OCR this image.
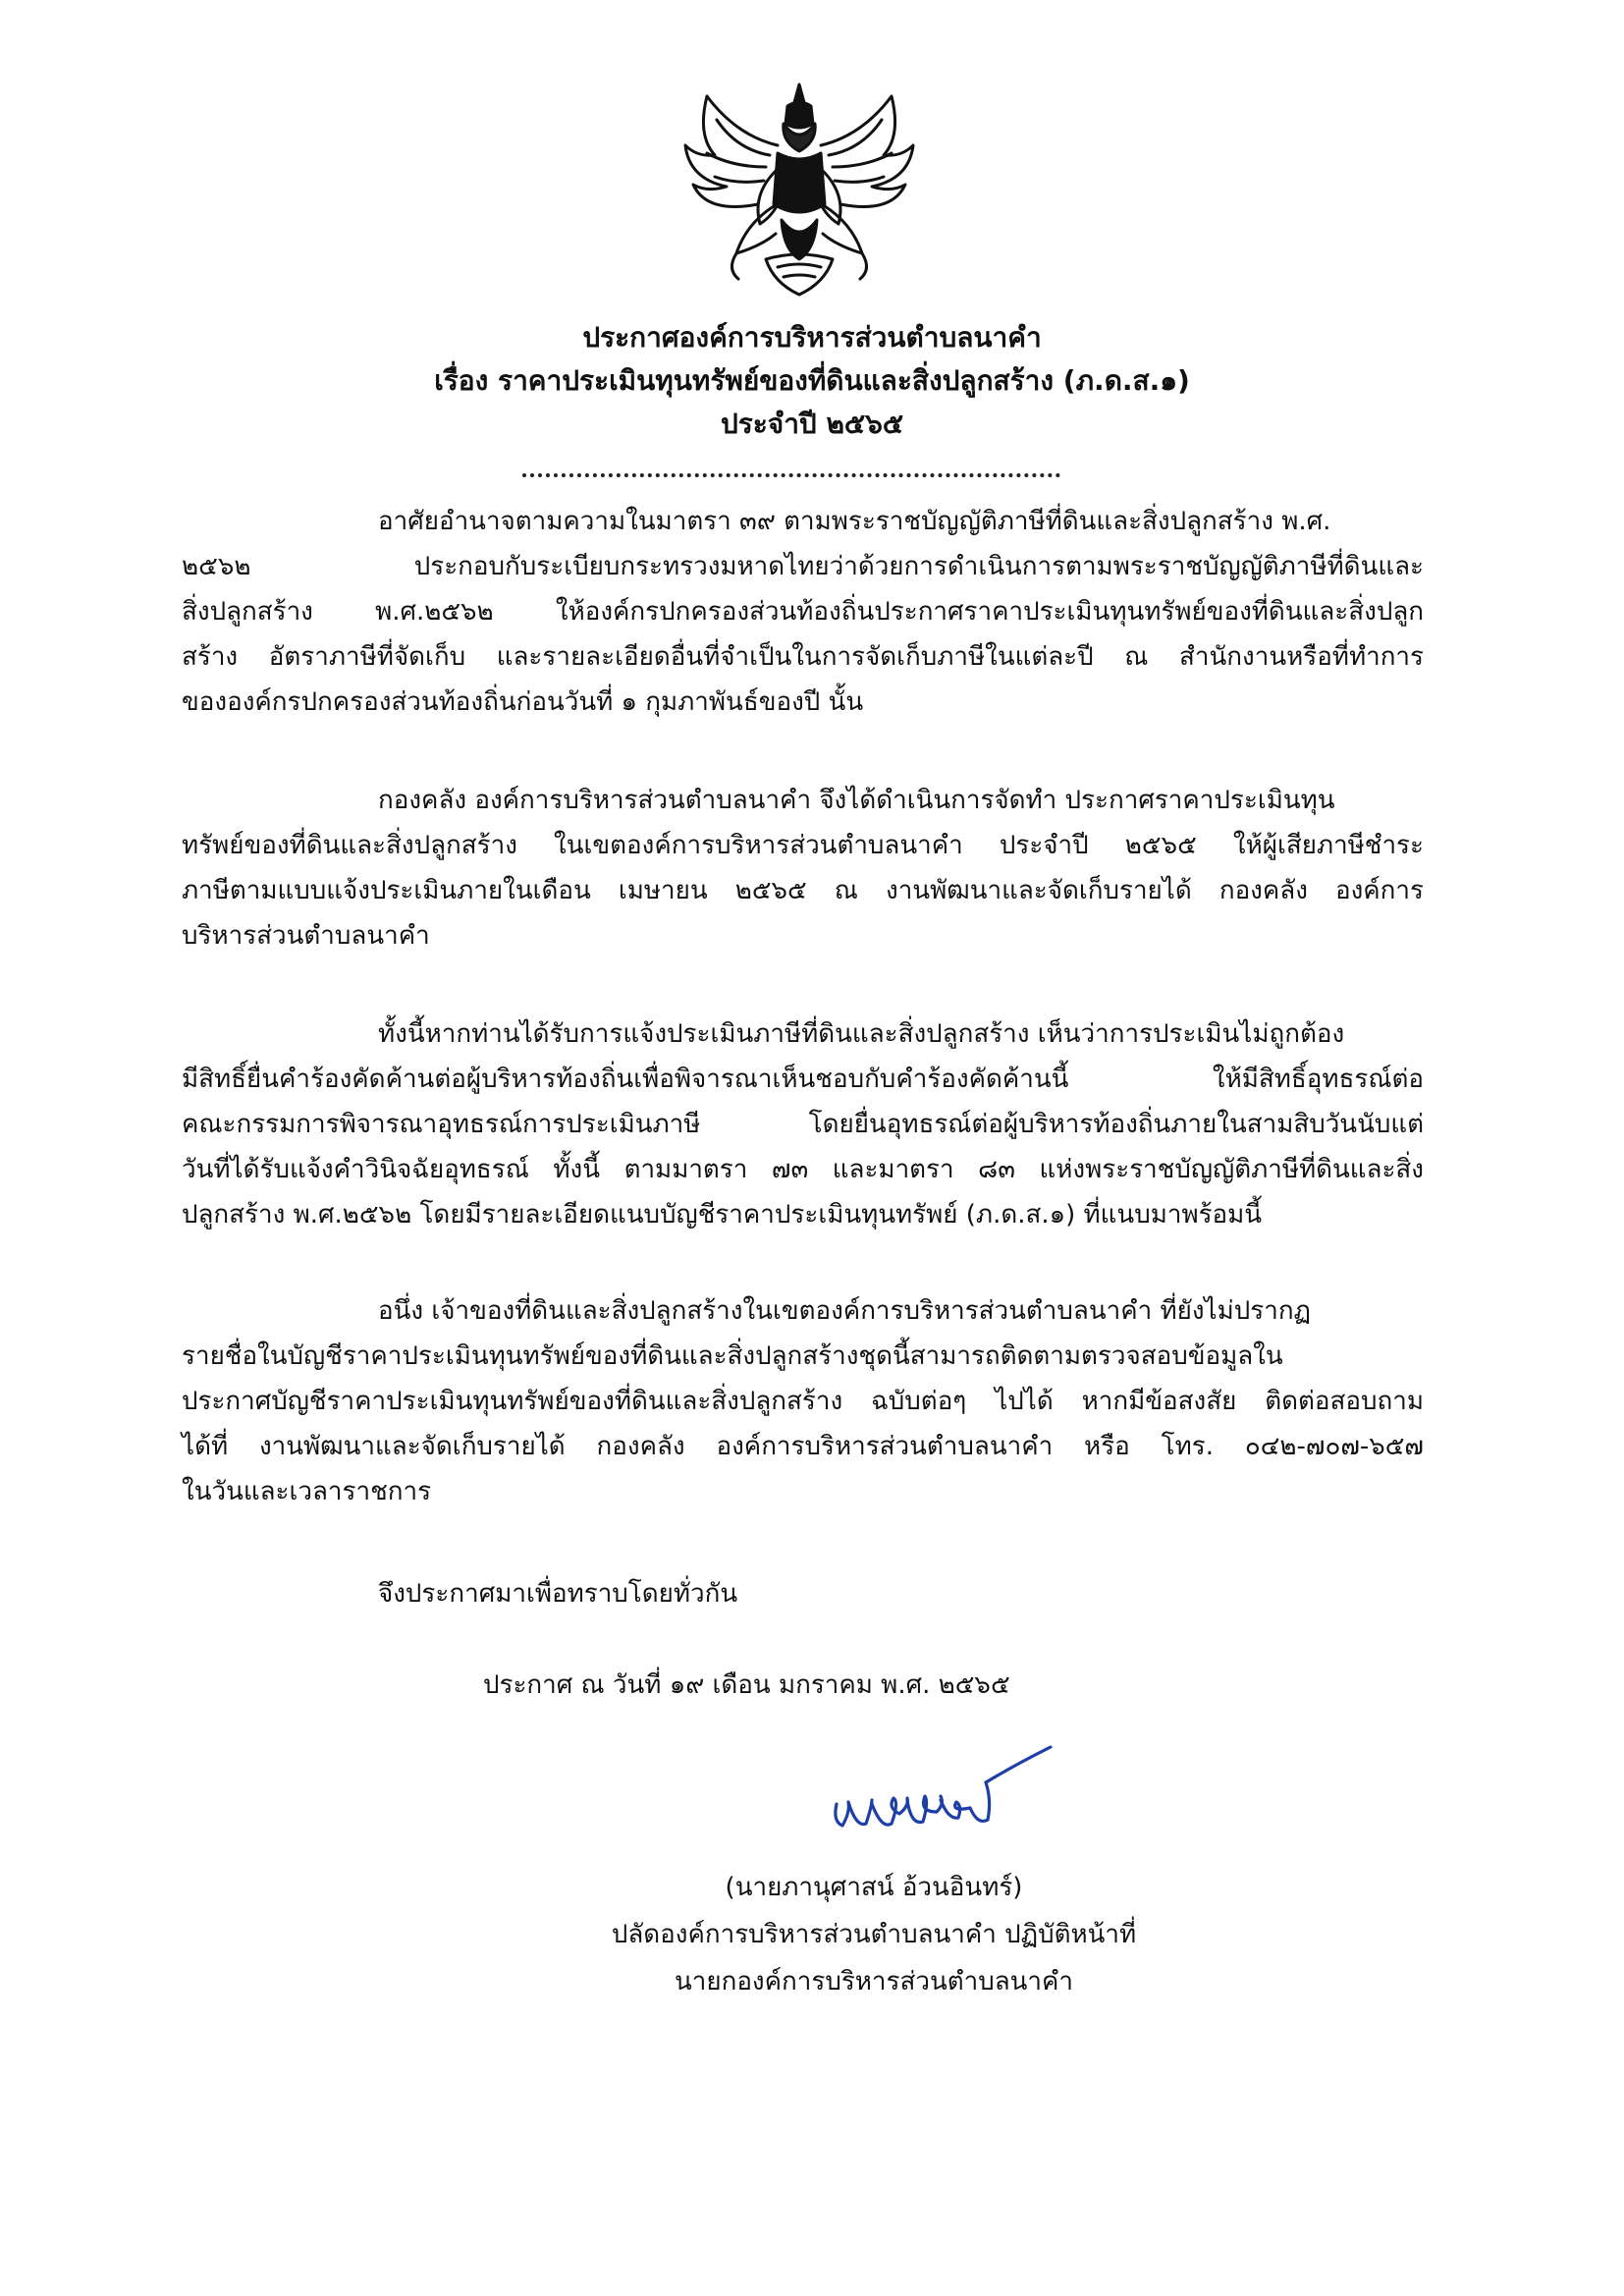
ประกาศองค์การบริหารส่วนตำบลนาคำ
เรื่อง ราคาประเมินทุนทรัพย์ของที่ดินและสิ่งปลูกสร้าง (ภ.ด.ส.๑)
ประจำปี ๒๕๖๕
อาศัยอำนาจตามความในมาตรา ๓๙ ตามพระราชบัญญัติภาษีที่ดินและสิ่งปลูกสร้าง พ.ศ.
๒๕๖๒ ประกอบกับระเบียบกระทรวงมหาดไทยว่าด้วยการดำเนินการตามพระราชบัญญัติภาษีที่ดินและ
สิ่งปลูกสร้าง พ.ศ.๒๕๖๒ ให้องค์กรปกครองส่วนท้องถิ่นประกาศราคาประเมินทุนทรัพย์ของที่ดินและสิ่งปลูก
สร้าง อัตราภาษีที่จัดเก็บ และรายละเอียดอื่นที่จำเป็นในการจัดเก็บภาษีในแต่ละปี ณ สำนักงานหรือที่ทำการ
ขององค์กรปกครองส่วนท้องถิ่นก่อนวันที่ ๑ กุมภาพันธ์ของปี นั้น
กองคลัง องค์การบริหารส่วนตำบลนาคำ จึงได้ดำเนินการจัดทำ ประกาศราคาประเมินทุน
ทรัพย์ของที่ดินและสิ่งปลูกสร้าง ในเขตองค์การบริหารส่วนตำบลนาคำ ประจำปี ๒๕๖๕ ให้ผู้เสียภาษีชำระ
ภาษีตามแบบแจ้งประเมินภายในเดือน เมษายน ๒๕๖๕ ณ งานพัฒนาและจัดเก็บรายได้ กองคลัง องค์การ
บริหารส่วนตำบลนาคำ
ทั้งนี้หากท่านได้รับการแจ้งประเมินภาษีที่ดินและสิ่งปลูกสร้าง เห็นว่าการประเมินไม่ถูกต้อง
มีสิทธิ์ยื่นคำร้องคัดค้านต่อผู้บริหารท้องถิ่นเพื่อพิจารณาเห็นชอบกับคำร้องคัดค้านนี้ ให้มีสิทธิ์อุทธรณ์ต่อ
คณะกรรมการพิจารณาอุทธรณ์การประเมินภาษี โดยยื่นอุทธรณ์ต่อผู้บริหารท้องถิ่นภายในสามสิบวันนับแต่
วันที่ได้รับแจ้งคำวินิจฉัยอุทธรณ์ ทั้งนี้ ตามมาตรา ๗๓ และมาตรา ๘๓ แห่งพระราชบัญญัติภาษีที่ดินและสิ่ง
ปลูกสร้าง พ.ศ.๒๕๖๒ โดยมีรายละเอียดแนบบัญชีราคาประเมินทุนทรัพย์ (ภ.ด.ส.๑) ที่แนบมาพร้อมนี้
อนึ่ง เจ้าของที่ดินและสิ่งปลูกสร้างในเขตองค์การบริหารส่วนตำบลนาคำ ที่ยังไม่ปรากฏ
รายชื่อในบัญชีราคาประเมินทุนทรัพย์ของที่ดินและสิ่งปลูกสร้างชุดนี้สามารถติดตามตรวจสอบข้อมูลใน
ประกาศบัญชีราคาประเมินทุนทรัพย์ของที่ดินและสิ่งปลูกสร้าง ฉบับต่อๆ ไปได้ หากมีข้อสงสัย ติดต่อสอบถาม
ได้ที่ งานพัฒนาและจัดเก็บรายได้ กองคลัง องค์การบริหารส่วนตำบลนาคำ หรือ โทร. ๐๔๒-๗๐๗-๖๕๗
ในวันและเวลาราชการ
จึงประกาศมาเพื่อทราบโดยทั่วกัน
ประกาศ ณ วันที่ ๑๙ เดือน มกราคม พ.ศ. ๒๕๖๕
(นายภานุศาสน์ อ้วนอินทร์)
ปลัดองค์การบริหารส่วนตำบลนาคำ ปฏิบัติหน้าที่
นายกองค์การบริหารส่วนตำบลนาคำ
